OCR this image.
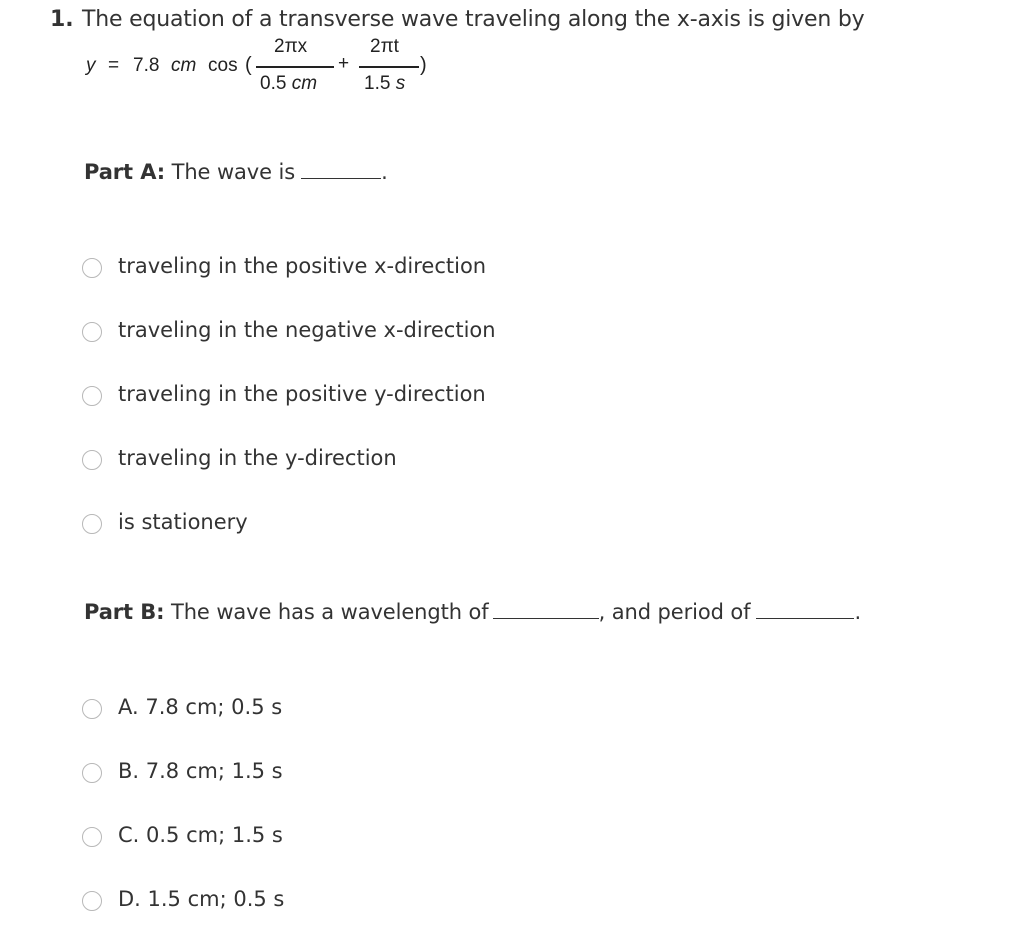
1. The equation of a transverse wave traveling along the x-axis is given by
y = 7.8 cm cos (
2πx
0.5 cm
+
2πt
1.5 s
)
Part A: The wave is	.
traveling in the positive x-direction
traveling in the negative x-direction
traveling in the positive y-direction
traveling in the y-direction
is stationery
Part B: The wave has a wavelength of	, and period of	.
A. 7.8 cm; 0.5 s
B. 7.8 cm; 1.5 s
C. 0.5 cm; 1.5 s
D. 1.5 cm; 0.5 s
